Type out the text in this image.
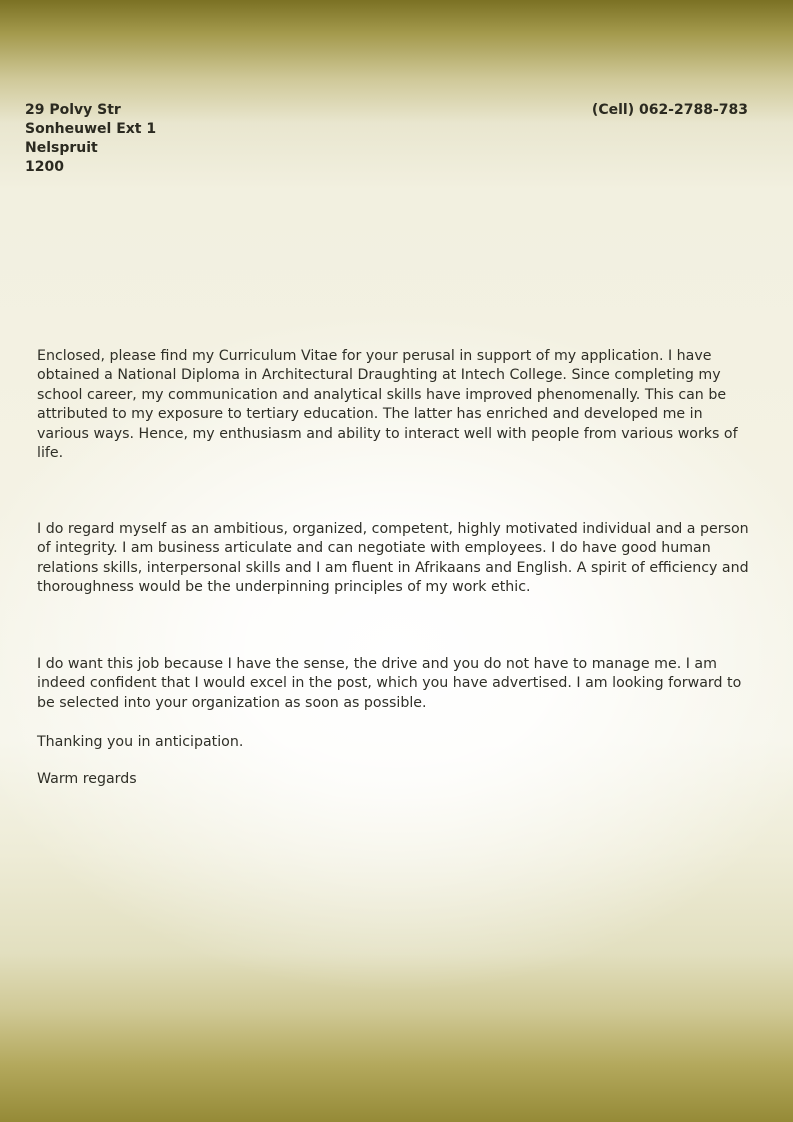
29 Polvy Str
Sonheuwel Ext 1
Nelspruit
1200
(Cell) 062-2788-783

Enclosed, please find my Curriculum Vitae for your perusal in support of my application. I have obtained a National Diploma in Architectural Draughting at Intech College. Since completing my school career, my communication and analytical skills have improved phenomenally. This can be attributed to my exposure to tertiary education. The latter has enriched and developed me in various ways. Hence, my enthusiasm and ability to interact well with people from various works of life.

I do regard myself as an ambitious, organized, competent, highly motivated individual and a person of integrity. I am business articulate and can negotiate with employees. I do have good human relations skills, interpersonal skills and I am fluent in Afrikaans and English. A spirit of efficiency and thoroughness would be the underpinning principles of my work ethic.

I do want this job because I have the sense, the drive and you do not have to manage me. I am indeed confident that I would excel in the post, which you have advertised. I am looking forward to be selected into your organization as soon as possible.

Thanking you in anticipation.

Warm regards
